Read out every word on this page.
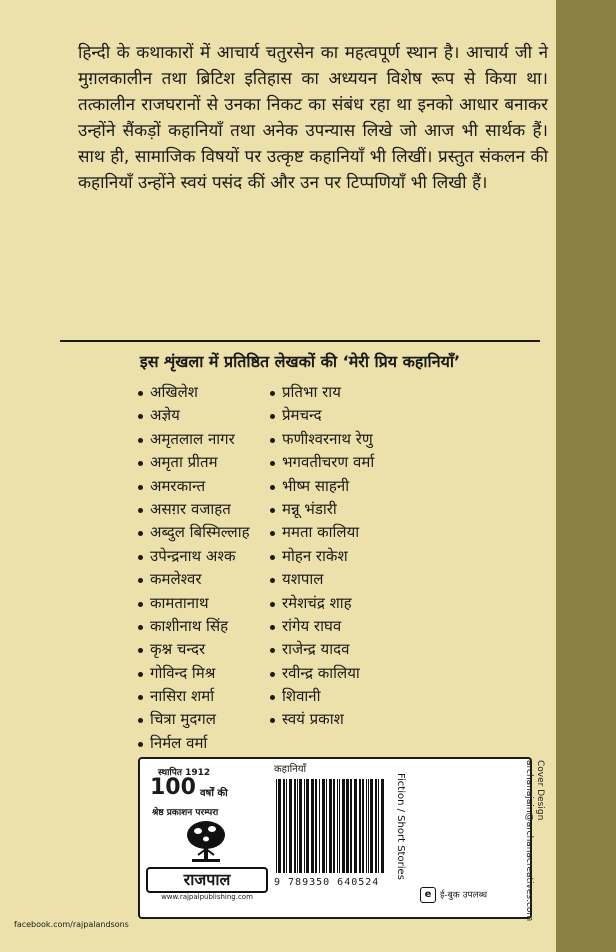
हिन्दी के कथाकारों में आचार्य चतुरसेन का महत्वपूर्ण स्थान है। आचार्य जी ने मुग़लकालीन तथा ब्रिटिश इतिहास का अध्ययन विशेष रूप से किया था। तत्कालीन राजघरानों से उनका निकट का संबंध रहा था इनको आधार बनाकर उन्होंने सैंकड़ों कहानियाँ तथा अनेक उपन्यास लिखे जो आज भी सार्थक हैं। साथ ही, सामाजिक विषयों पर उत्कृष्ट कहानियाँ भी लिखीं। प्रस्तुत संकलन की कहानियाँ उन्होंने स्वयं पसंद कीं और उन पर टिप्पणियाँ भी लिखी हैं।

इस शृंखला में प्रतिष्ठित लेखकों की ‘मेरी प्रिय कहानियाँ’

अखिलेश
अज्ञेय
अमृतलाल नागर
अमृता प्रीतम
अमरकान्त
असग़र वजाहत
अब्दुल बिस्मिल्लाह
उपेन्द्रनाथ अश्क
कमलेश्वर
कामतानाथ
काशीनाथ सिंह
कृश्न चन्दर
गोविन्द मिश्र
नासिरा शर्मा
चित्रा मुदगल
निर्मल वर्मा
प्रतिभा राय
प्रेमचन्द
फणीश्वरनाथ रेणु
भगवतीचरण वर्मा
भीष्म साहनी
मन्नू भंडारी
ममता कालिया
मोहन राकेश
यशपाल
रमेशचंद्र शाह
रांगेय राघव
राजेन्द्र यादव
रवीन्द्र कालिया
शिवानी
स्वयं प्रकाश
स्थापित 1912
100 वर्षों की
श्रेष्ठ प्रकाशन परम्परा
राजपाल
www.rajpalpublishing.com
कहानियाँ
9 789350 640524
Fiction / Short Stories
e ई-बुक उपलब्ध
facebook.com/rajpalandsons
Cover Design
archanajain@archanacreatives.com
